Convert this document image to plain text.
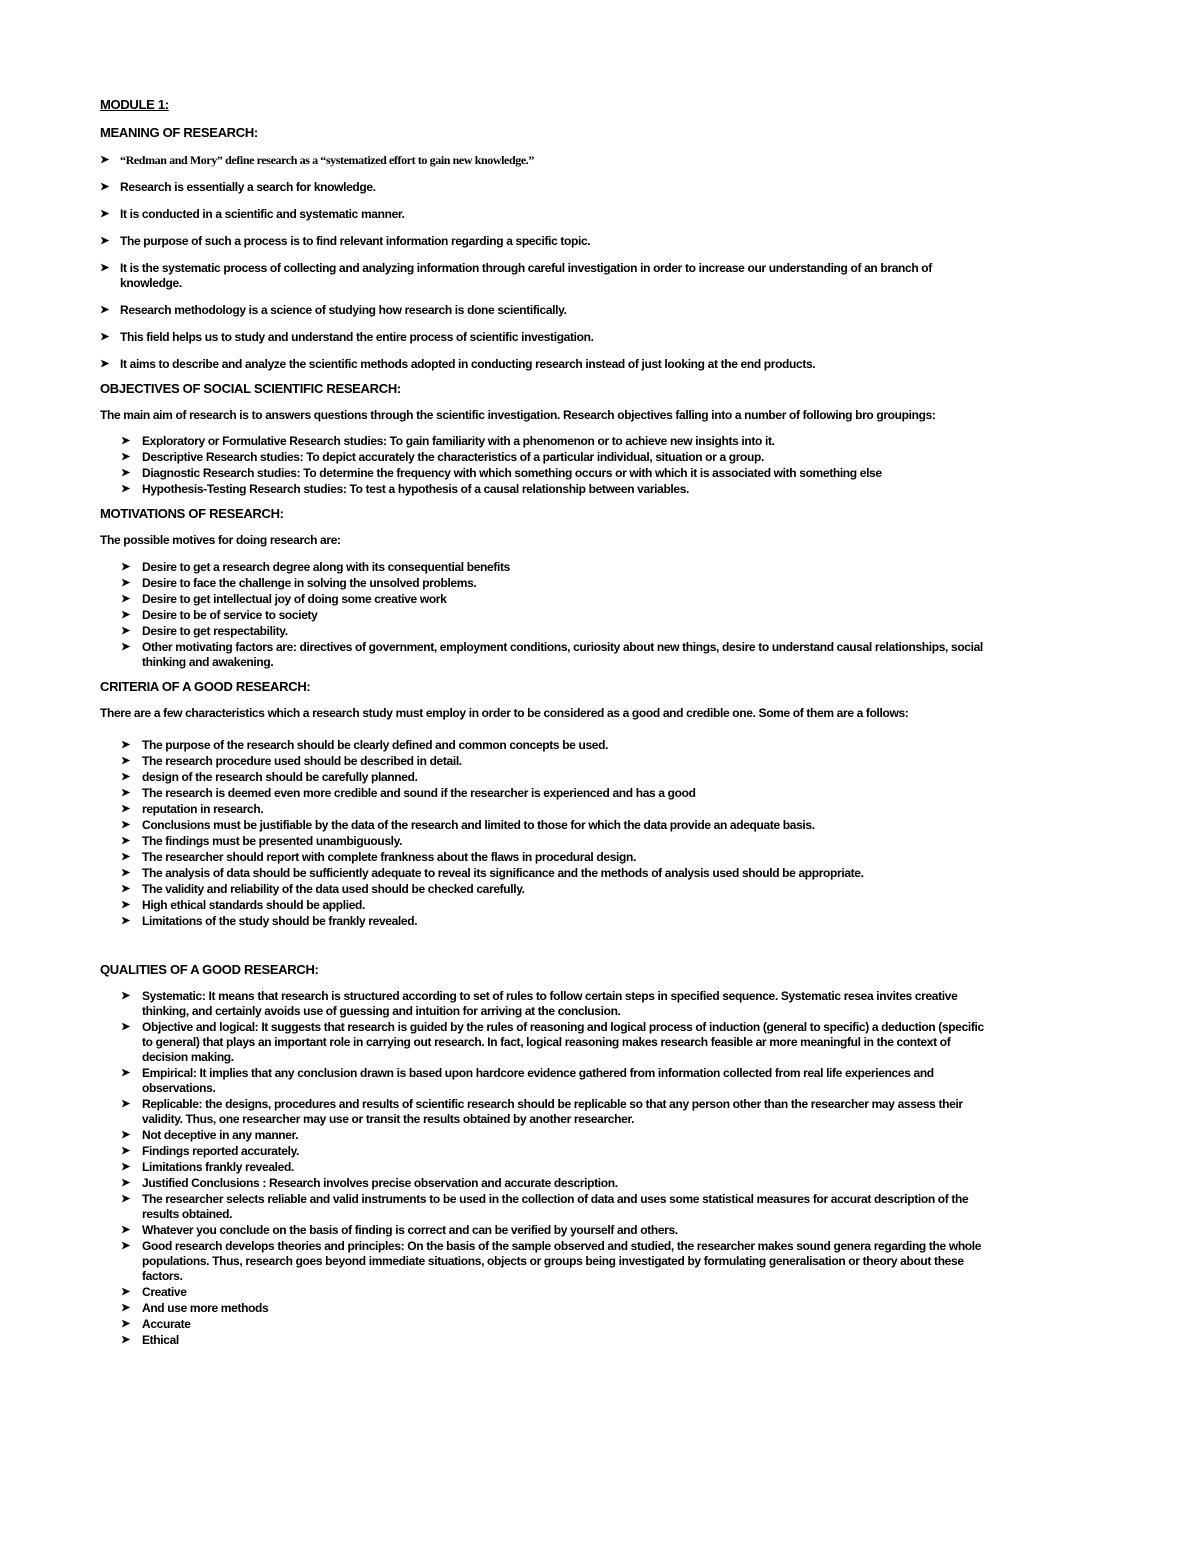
MODULE 1:

MEANING OF RESEARCH:

➤ “Redman and Mory” define research as a “systematized effort to gain new knowledge.”
➤ Research is essentially a search for knowledge.
➤ It is conducted in a scientific and systematic manner.
➤ The purpose of such a process is to find relevant information regarding a specific topic.
➤ It is the systematic process of collecting and analyzing information through careful investigation in order to increase our understanding of an branch of knowledge.
➤ Research methodology is a science of studying how research is done scientifically.
➤ This field helps us to study and understand the entire process of scientific investigation.
➤ It aims to describe and analyze the scientific methods adopted in conducting research instead of just looking at the end products.

OBJECTIVES OF SOCIAL SCIENTIFIC RESEARCH:

The main aim of research is to answers questions through the scientific investigation. Research objectives falling into a number of following bro groupings:

➤ Exploratory or Formulative Research studies: To gain familiarity with a phenomenon or to achieve new insights into it.
➤ Descriptive Research studies: To depict accurately the characteristics of a particular individual, situation or a group.
➤ Diagnostic Research studies: To determine the frequency with which something occurs or with which it is associated with something else
➤ Hypothesis-Testing Research studies: To test a hypothesis of a causal relationship between variables.

MOTIVATIONS OF RESEARCH:

The possible motives for doing research are:

➤ Desire to get a research degree along with its consequential benefits
➤ Desire to face the challenge in solving the unsolved problems.
➤ Desire to get intellectual joy of doing some creative work
➤ Desire to be of service to society
➤ Desire to get respectability.
➤ Other motivating factors are: directives of government, employment conditions, curiosity about new things, desire to understand causal relationships, social thinking and awakening.

CRITERIA OF A GOOD RESEARCH:

There are a few characteristics which a research study must employ in order to be considered as a good and credible one. Some of them are a follows:

➤ The purpose of the research should be clearly defined and common concepts be used.
➤ The research procedure used should be described in detail.
➤ design of the research should be carefully planned.
➤ The research is deemed even more credible and sound if the researcher is experienced and has a good
➤ reputation in research.
➤ Conclusions must be justifiable by the data of the research and limited to those for which the data provide an adequate basis.
➤ The findings must be presented unambiguously.
➤ The researcher should report with complete frankness about the flaws in procedural design.
➤ The analysis of data should be sufficiently adequate to reveal its significance and the methods of analysis used should be appropriate.
➤ The validity and reliability of the data used should be checked carefully.
➤ High ethical standards should be applied.
➤ Limitations of the study should be frankly revealed.

QUALITIES OF A GOOD RESEARCH:

➤ Systematic: It means that research is structured according to set of rules to follow certain steps in specified sequence. Systematic resea invites creative thinking, and certainly avoids use of guessing and intuition for arriving at the conclusion.
➤ Objective and logical: It suggests that research is guided by the rules of reasoning and logical process of induction (general to specific) a deduction (specific to general) that plays an important role in carrying out research. In fact, logical reasoning makes research feasible ar more meaningful in the context of decision making.
➤ Empirical: It implies that any conclusion drawn is based upon hardcore evidence gathered from information collected from real life experiences and observations.
➤ Replicable: the designs, procedures and results of scientific research should be replicable so that any person other than the researcher may assess their validity. Thus, one researcher may use or transit the results obtained by another researcher.
➤ Not deceptive in any manner.
➤ Findings reported accurately.
➤ Limitations frankly revealed.
➤ Justified Conclusions : Research involves precise observation and accurate description.
➤ The researcher selects reliable and valid instruments to be used in the collection of data and uses some statistical measures for accurat description of the results obtained.
➤ Whatever you conclude on the basis of finding is correct and can be verified by yourself and others.
➤ Good research develops theories and principles: On the basis of the sample observed and studied, the researcher makes sound genera regarding the whole populations. Thus, research goes beyond immediate situations, objects or groups being investigated by formulating generalisation or theory about these factors.
➤ Creative
➤ And use more methods
➤ Accurate
➤ Ethical
